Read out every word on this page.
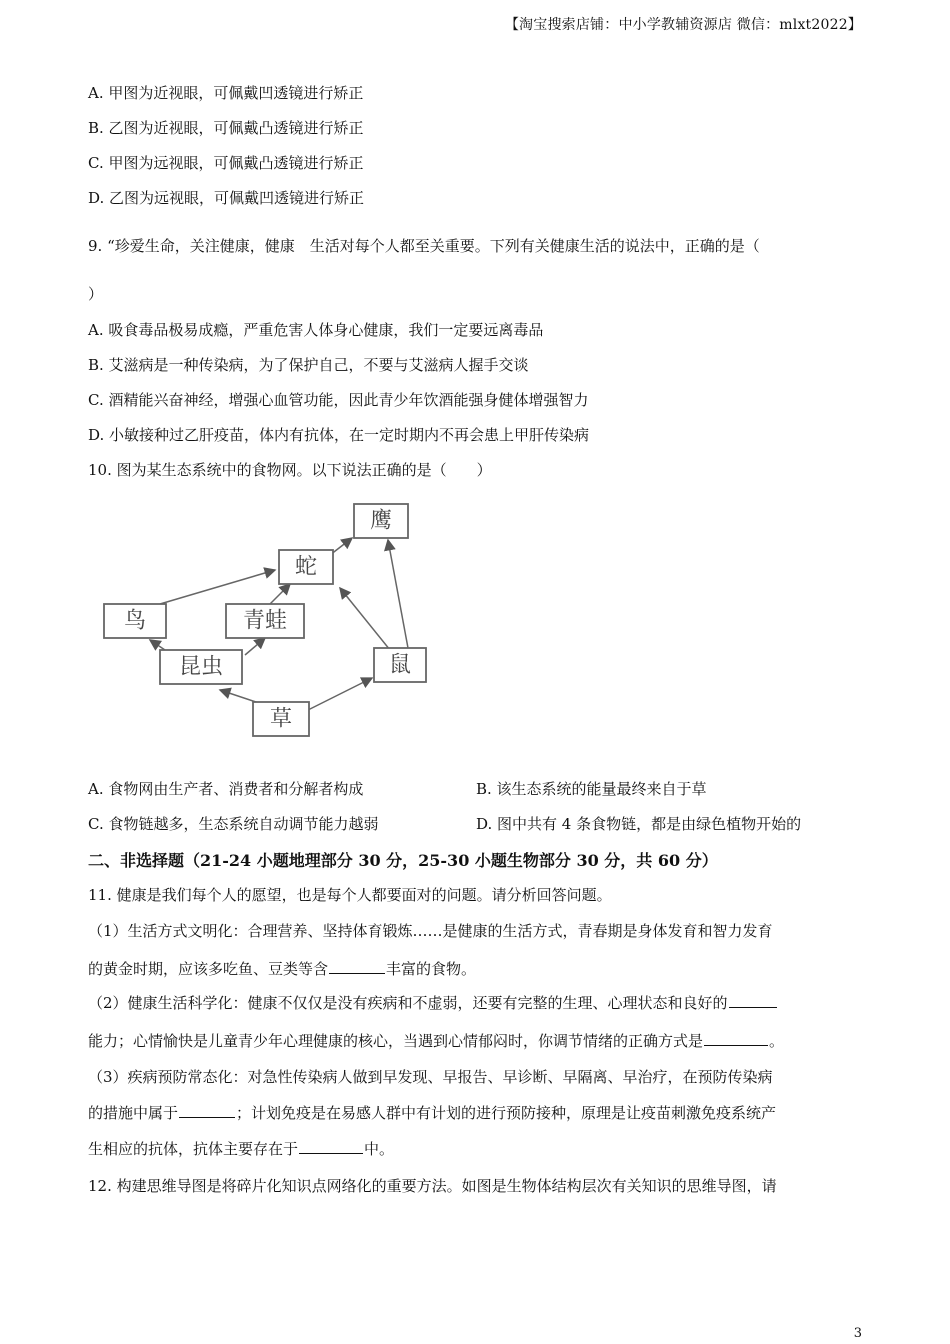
【淘宝搜索店铺：中小学教辅资源店 微信：mlxt2022】
A. 甲图为近视眼，可佩戴凹透镜进行矫正
B. 乙图为近视眼，可佩戴凸透镜进行矫正
C. 甲图为远视眼，可佩戴凸透镜进行矫正
D. 乙图为远视眼，可佩戴凹透镜进行矫正
9. “珍爱生命，关注健康，健康　生活对每个人都至关重要。下列有关健康生活的说法中，正确的是（
）
A. 吸食毒品极易成瘾，严重危害人体身心健康，我们一定要远离毒品
B. 艾滋病是一种传染病，为了保护自己，不要与艾滋病人握手交谈
C. 酒精能兴奋神经，增强心血管功能，因此青少年饮酒能强身健体增强智力
D. 小敏接种过乙肝疫苗，体内有抗体，在一定时期内不再会患上甲肝传染病
10. 图为某生态系统中的食物网。以下说法正确的是（　　）
鹰
蛇
鸟	青蛙
昆虫	鼠
草
A. 食物网由生产者、消费者和分解者构成	B. 该生态系统的能量最终来自于草
C. 食物链越多，生态系统自动调节能力越弱	D. 图中共有 4 条食物链，都是由绿色植物开始的
二、非选择题（21-24 小题地理部分 30 分，25-30 小题生物部分 30 分，共 60 分）
11. 健康是我们每个人的愿望，也是每个人都要面对的问题。请分析回答问题。
（1）生活方式文明化：合理营养、坚持体育锻炼……是健康的生活方式，青春期是身体发育和智力发育
的黄金时期，应该多吃鱼、豆类等含	丰富的食物。
（2）健康生活科学化：健康不仅仅是没有疾病和不虚弱，还要有完整的生理、心理状态和良好的
能力；心情愉快是儿童青少年心理健康的核心，当遇到心情郁闷时，你调节情绪的正确方式是	。
（3）疾病预防常态化：对急性传染病人做到早发现、早报告、早诊断、早隔离、早治疗，在预防传染病
的措施中属于	；计划免疫是在易感人群中有计划的进行预防接种，原理是让疫苗刺激免疫系统产
生相应的抗体，抗体主要存在于	中。
12. 构建思维导图是将碎片化知识点网络化的重要方法。如图是生物体结构层次有关知识的思维导图，请
3
